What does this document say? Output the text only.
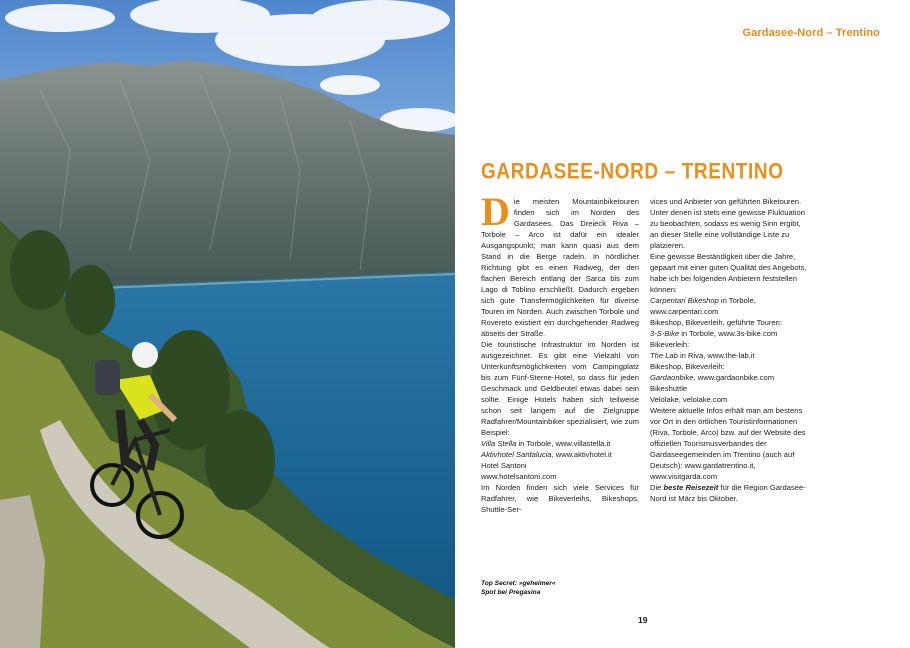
Gardasee-Nord – Trentino
GARDASEE-NORD – TRENTINO

Die meisten Mountainbiketouren finden sich im Norden des Gardasees. Das Dreieck Riva – Torbole – Arco ist dafür ein idealer Ausgangspunkt; man kann quasi aus dem Stand in die Berge radeln. In nördlicher Richtung gibt es einen Radweg, der den flachen Bereich entlang der Sarca bis zum Lago di Toblino erschließt. Dadurch ergeben sich gute Transfermöglichkeiten für diverse Touren im Norden. Auch zwischen Torbole und Rovereto existiert ein durchgehender Radweg abseits der Straße.

Die touristische Infrastruktur im Norden ist ausgezeichnet. Es gibt eine Vielzahl von Unterkunftsmöglichkeiten vom Campingplatz bis zum Fünf-Sterne-Hotel, so dass für jeden Geschmack und Geldbeutel etwas dabei sein sollte. Einige Hotels haben sich teilweise schon seit langem auf die Zielgruppe Radfahrer/Mountainbiker spezialisiert, wie zum Beispiel:

Villa Stella in Torbole, www.villastella.it

Aktivhotel Santalucia, www.aktivhotel.it

Hotel Santoni

www.hotelsantoni.com

Im Norden finden sich viele Services für Radfahrer, wie Bikeverleihs, Bikeshops, Shuttle-Ser-

vices und Anbieter von geführten Biketouren. Unter denen ist stets eine gewisse Fluktuation zu beobachten, sodass es wenig Sinn ergibt, an dieser Stelle eine vollständige Liste zu platzieren.

Eine gewisse Beständigkeit über die Jahre, gepaart mit einer guten Qualität des Angebots, habe ich bei folgenden Anbietern feststellen können:

Carpentari Bikeshop in Torbole,

www.carpentari.com

Bikeshop, Bikeverleih, geführte Touren:

3-S-Bike in Torbole, www.3s-bike.com

Bikeverleih:

The Lab in Riva, www.the-lab.it

Bikeshop, Bikeverleih:

Gardaonbike, www.gardaonbike.com

Bikeshuttle

Velolake, velolake.com

Weitere aktuelle Infos erhält man am bestens vor Ort in den örtlichen Touristinformationen (Riva, Torbole, Arco) bzw. auf der Website des offiziellen Tourismusverbandes der Gardaseegemeinden im Trentino (auch auf Deutsch): www.gardatrentino.it, www.visitgarda.com

Die beste Reisezeit für die Region Gardasee-Nord ist März bis Oktober.

Top Secret: »geheimer«
Spot bei Pregasina
19
